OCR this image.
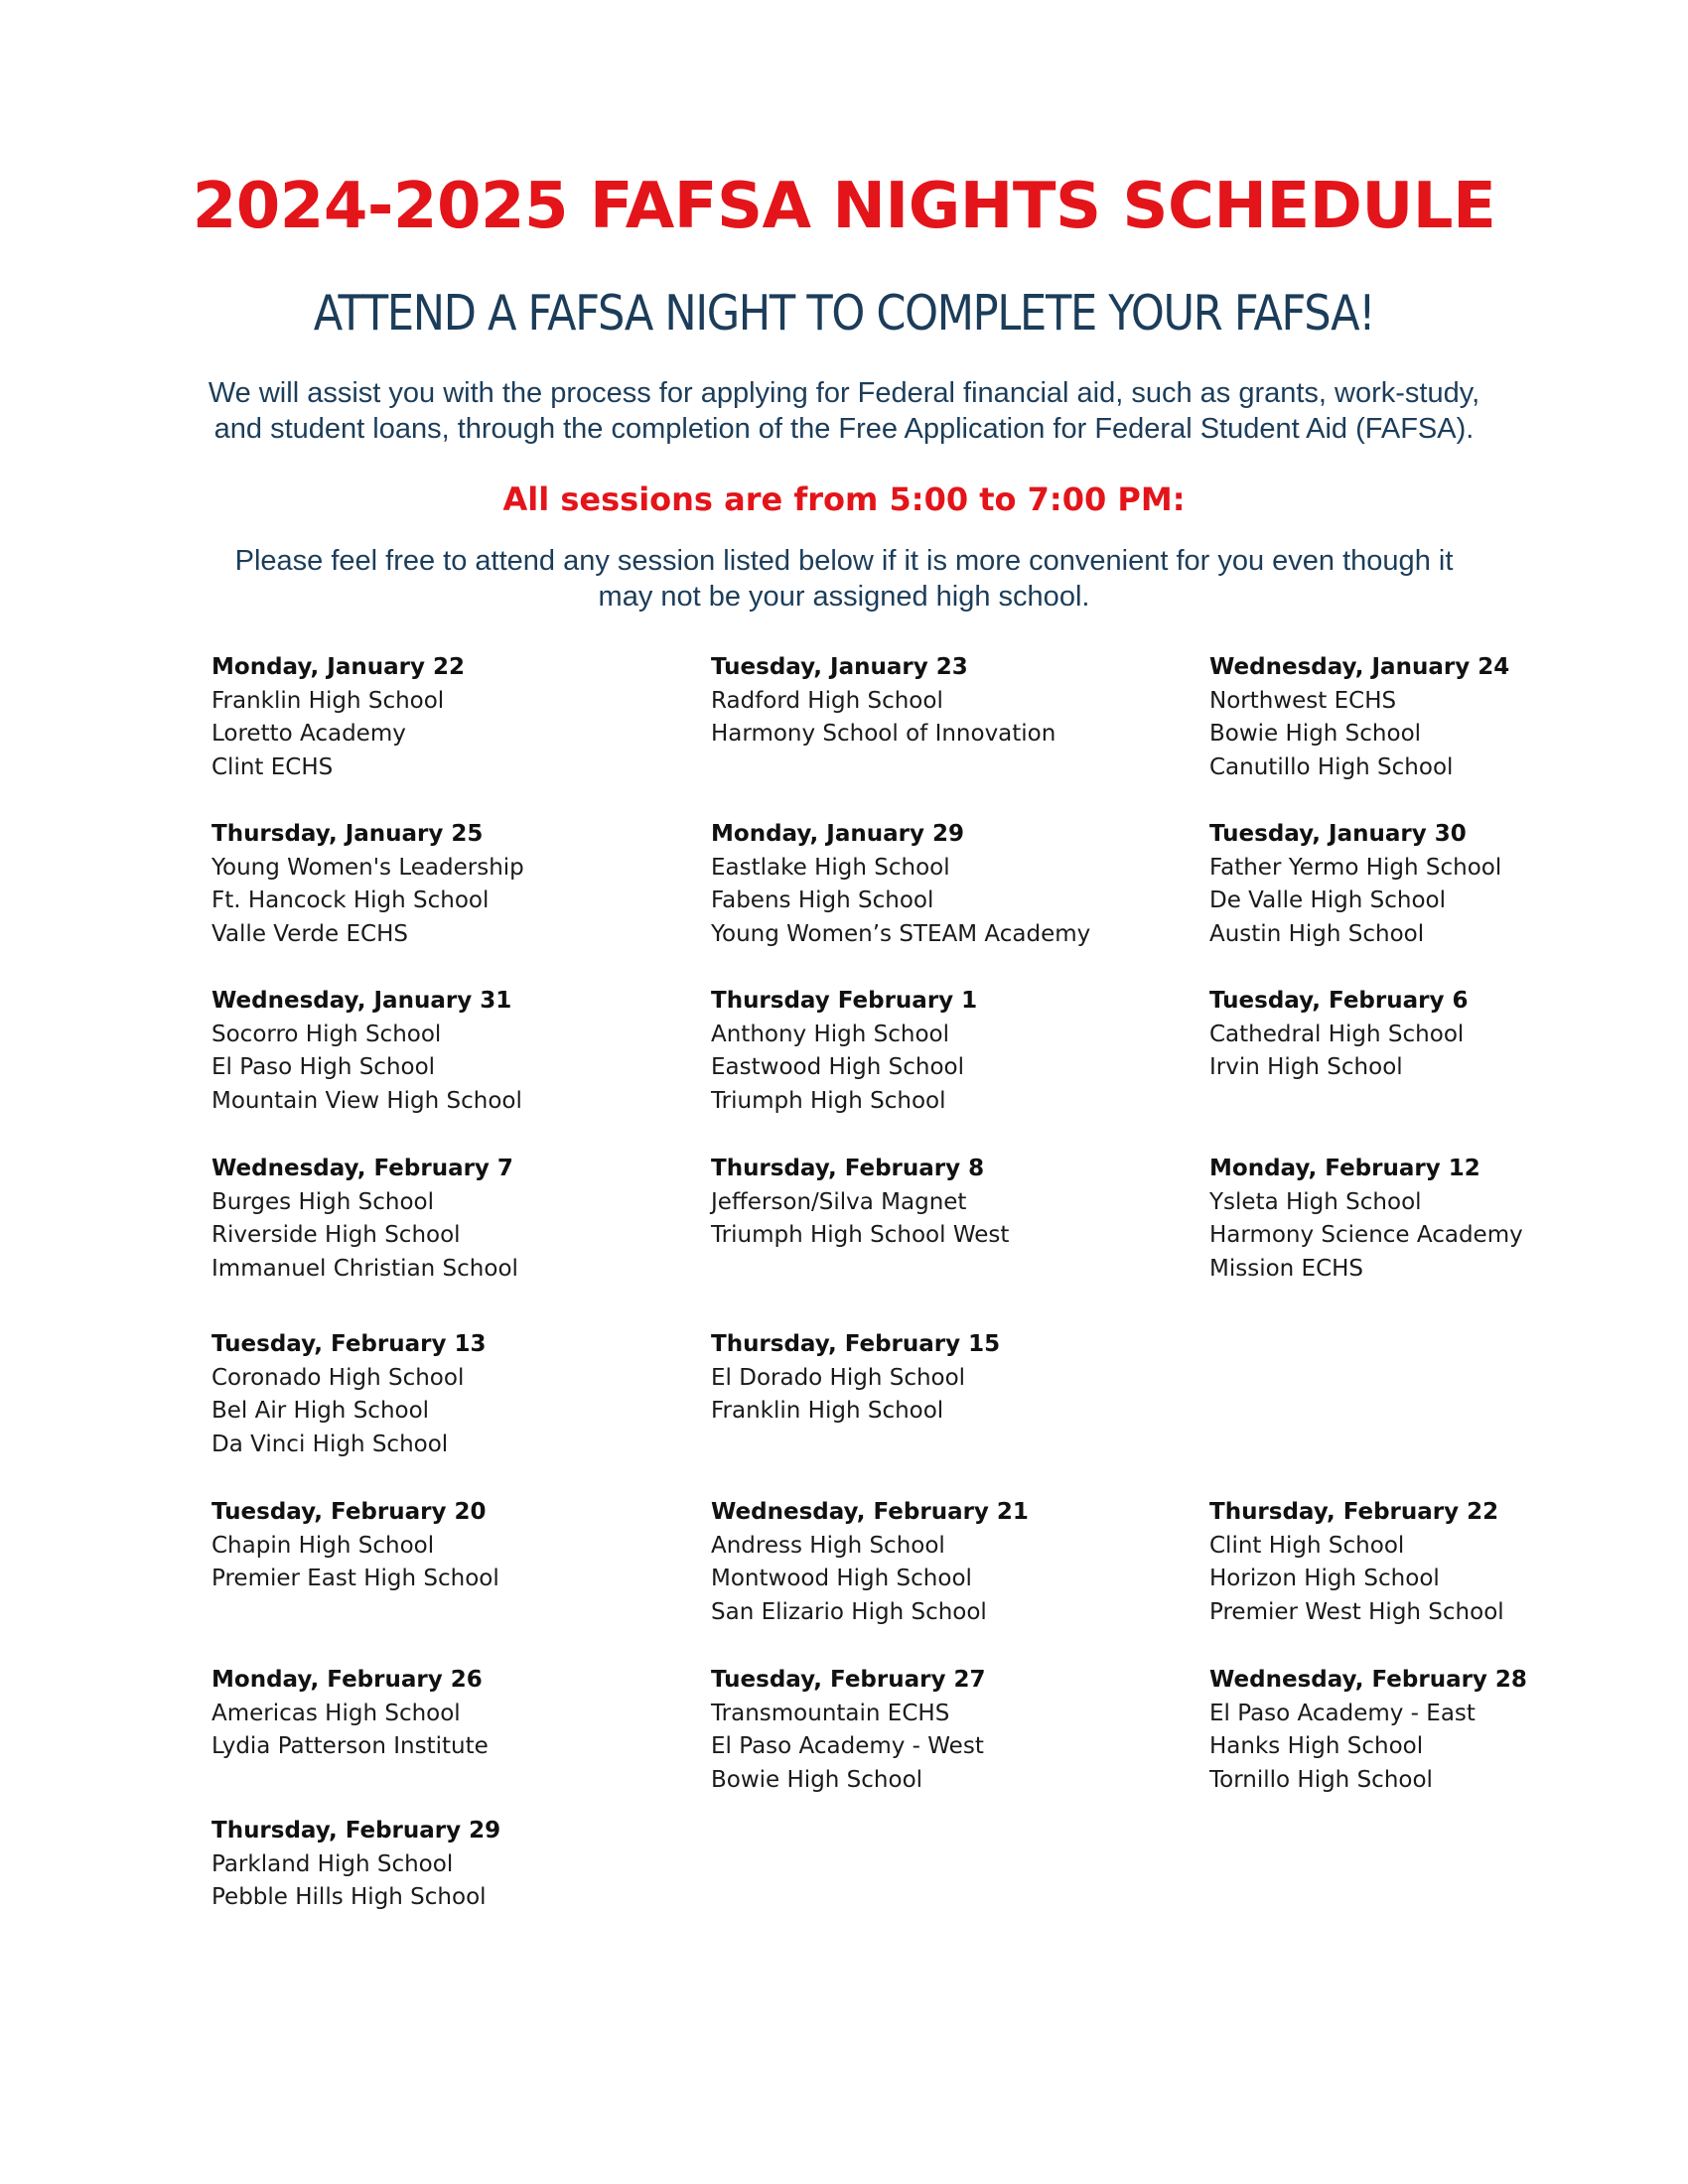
2024-2025 FAFSA NIGHTS SCHEDULE
ATTEND A FAFSA NIGHT TO COMPLETE YOUR FAFSA!
We will assist you with the process for applying for Federal financial aid, such as grants, work-study,
and student loans, through the completion of the Free Application for Federal Student Aid (FAFSA).
All sessions are from 5:00 to 7:00 PM:
Please feel free to attend any session listed below if it is more convenient for you even though it
may not be your assigned high school.
Monday, January 22
Franklin High School
Loretto Academy
Clint ECHS
Tuesday, January 23
Radford High School
Harmony School of Innovation
Wednesday, January 24
Northwest ECHS
Bowie High School
Canutillo High School
Thursday, January 25
Young Women's Leadership
Ft. Hancock High School
Valle Verde ECHS
Monday, January 29
Eastlake High School
Fabens High School
Young Women’s STEAM Academy
Tuesday, January 30
Father Yermo High School
De Valle High School
Austin High School
Wednesday, January 31
Socorro High School
El Paso High School
Mountain View High School
Thursday February 1
Anthony High School
Eastwood High School
Triumph High School
Tuesday, February 6
Cathedral High School
Irvin High School
Wednesday, February 7
Burges High School
Riverside High School
Immanuel Christian School
Thursday, February 8
Jefferson/Silva Magnet
Triumph High School West
Monday, February 12
Ysleta High School
Harmony Science Academy
Mission ECHS
Tuesday, February 13
Coronado High School
Bel Air High School
Da Vinci High School
Thursday, February 15
El Dorado High School
Franklin High School
Tuesday, February 20
Chapin High School
Premier East High School
Wednesday, February 21
Andress High School
Montwood High School
San Elizario High School
Thursday, February 22
Clint High School
Horizon High School
Premier West High School
Monday, February 26
Americas High School
Lydia Patterson Institute
Tuesday, February 27
Transmountain ECHS
El Paso Academy - West
Bowie High School
Wednesday, February 28
El Paso Academy - East
Hanks High School
Tornillo High School
Thursday, February 29
Parkland High School
Pebble Hills High School
